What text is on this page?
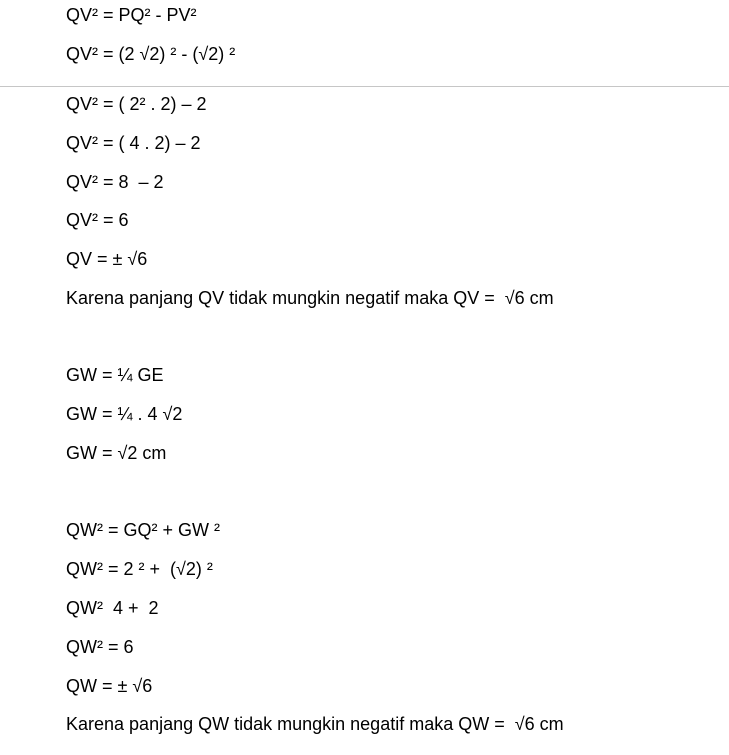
QV² = PQ² - PV²
QV² = (2 √2) ² - (√2) ²
QV² = ( 2² . 2) – 2
QV² = ( 4 . 2) – 2
QV² = 8  – 2
QV² = 6
QV = ± √6
Karena panjang QV tidak mungkin negatif maka QV =  √6 cm
GW = ¼ GE
GW = ¼ . 4 √2
GW = √2 cm
QW² = GQ² + GW ²
QW² = 2 ² +  (√2) ²
QW²  4 +  2
QW² = 6
QW = ± √6
Karena panjang QW tidak mungkin negatif maka QW =  √6 cm
